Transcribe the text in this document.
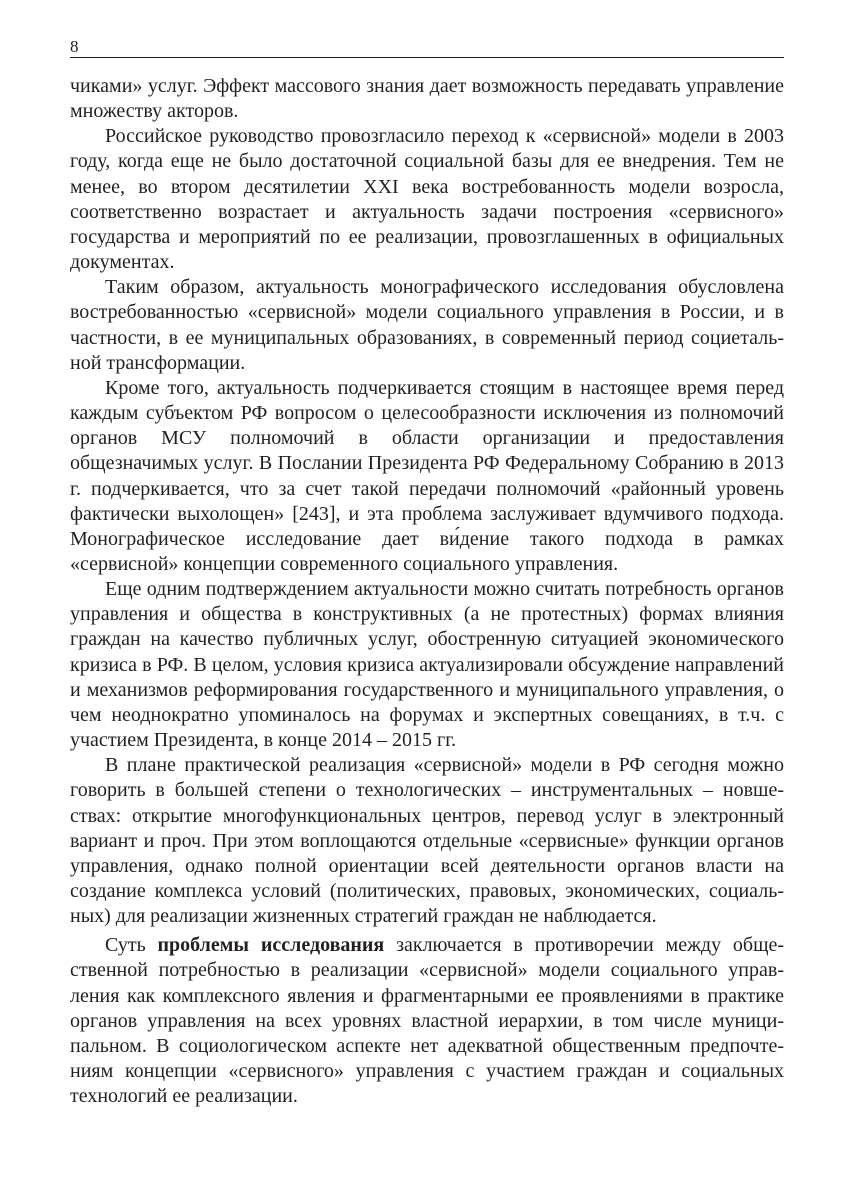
8

чиками» услуг. Эффект массового знания дает возможность передавать управление множеству акторов.

Российское руководство провозгласило переход к «сервисной» модели в 2003 году, когда еще не было достаточной социальной базы для ее внедрения. Тем не менее, во втором десятилетии XXI века востребованность модели возросла, соответственно возрастает и актуальность задачи построения «сервисного» государства и мероприятий по ее реализации, провозглашенных в официальных документах.

Таким образом, актуальность монографического исследования обусловлена востребованностью «сервисной» модели социального управления в России, и в частности, в ее муниципальных образованиях, в современный период социетальной трансформации.

Кроме того, актуальность подчеркивается стоящим в настоящее время перед каждым субъектом РФ вопросом о целесообразности исключения из полномочий органов МСУ полномочий в области организации и предоставления общезначимых услуг. В Послании Президента РФ Федеральному Собранию в 2013 г. подчеркивается, что за счет такой передачи полномочий «районный уровень фактически выхолощен» [243], и эта проблема заслуживает вдумчивого подхода. Монографическое исследование дает ви́дение такого подхода в рамках «сервисной» концепции современного социального управления.

Еще одним подтверждением актуальности можно считать потребность органов управления и общества в конструктивных (а не протестных) формах влияния граждан на качество публичных услуг, обостренную ситуацией экономического кризиса в РФ. В целом, условия кризиса актуализировали обсуждение направлений и механизмов реформирования государственного и муниципального управления, о чем неоднократно упоминалось на форумах и экспертных совещаниях, в т.ч. с участием Президента, в конце 2014 – 2015 гг.

В плане практической реализация «сервисной» модели в РФ сегодня можно говорить в большей степени о технологических – инструментальных – новшествах: открытие многофункциональных центров, перевод услуг в электронный вариант и проч. При этом воплощаются отдельные «сервисные» функции органов управления, однако полной ориентации всей деятельности органов власти на создание комплекса условий (политических, правовых, экономических, социальных) для реализации жизненных стратегий граждан не наблюдается.

Суть проблемы исследования заключается в противоречии между общественной потребностью в реализации «сервисной» модели социального управления как комплексного явления и фрагментарными ее проявлениями в практике органов управления на всех уровнях властной иерархии, в том числе муниципальном. В социологическом аспекте нет адекватной общественным предпочтениям концепции «сервисного» управления с участием граждан и социальных технологий ее реализации.
